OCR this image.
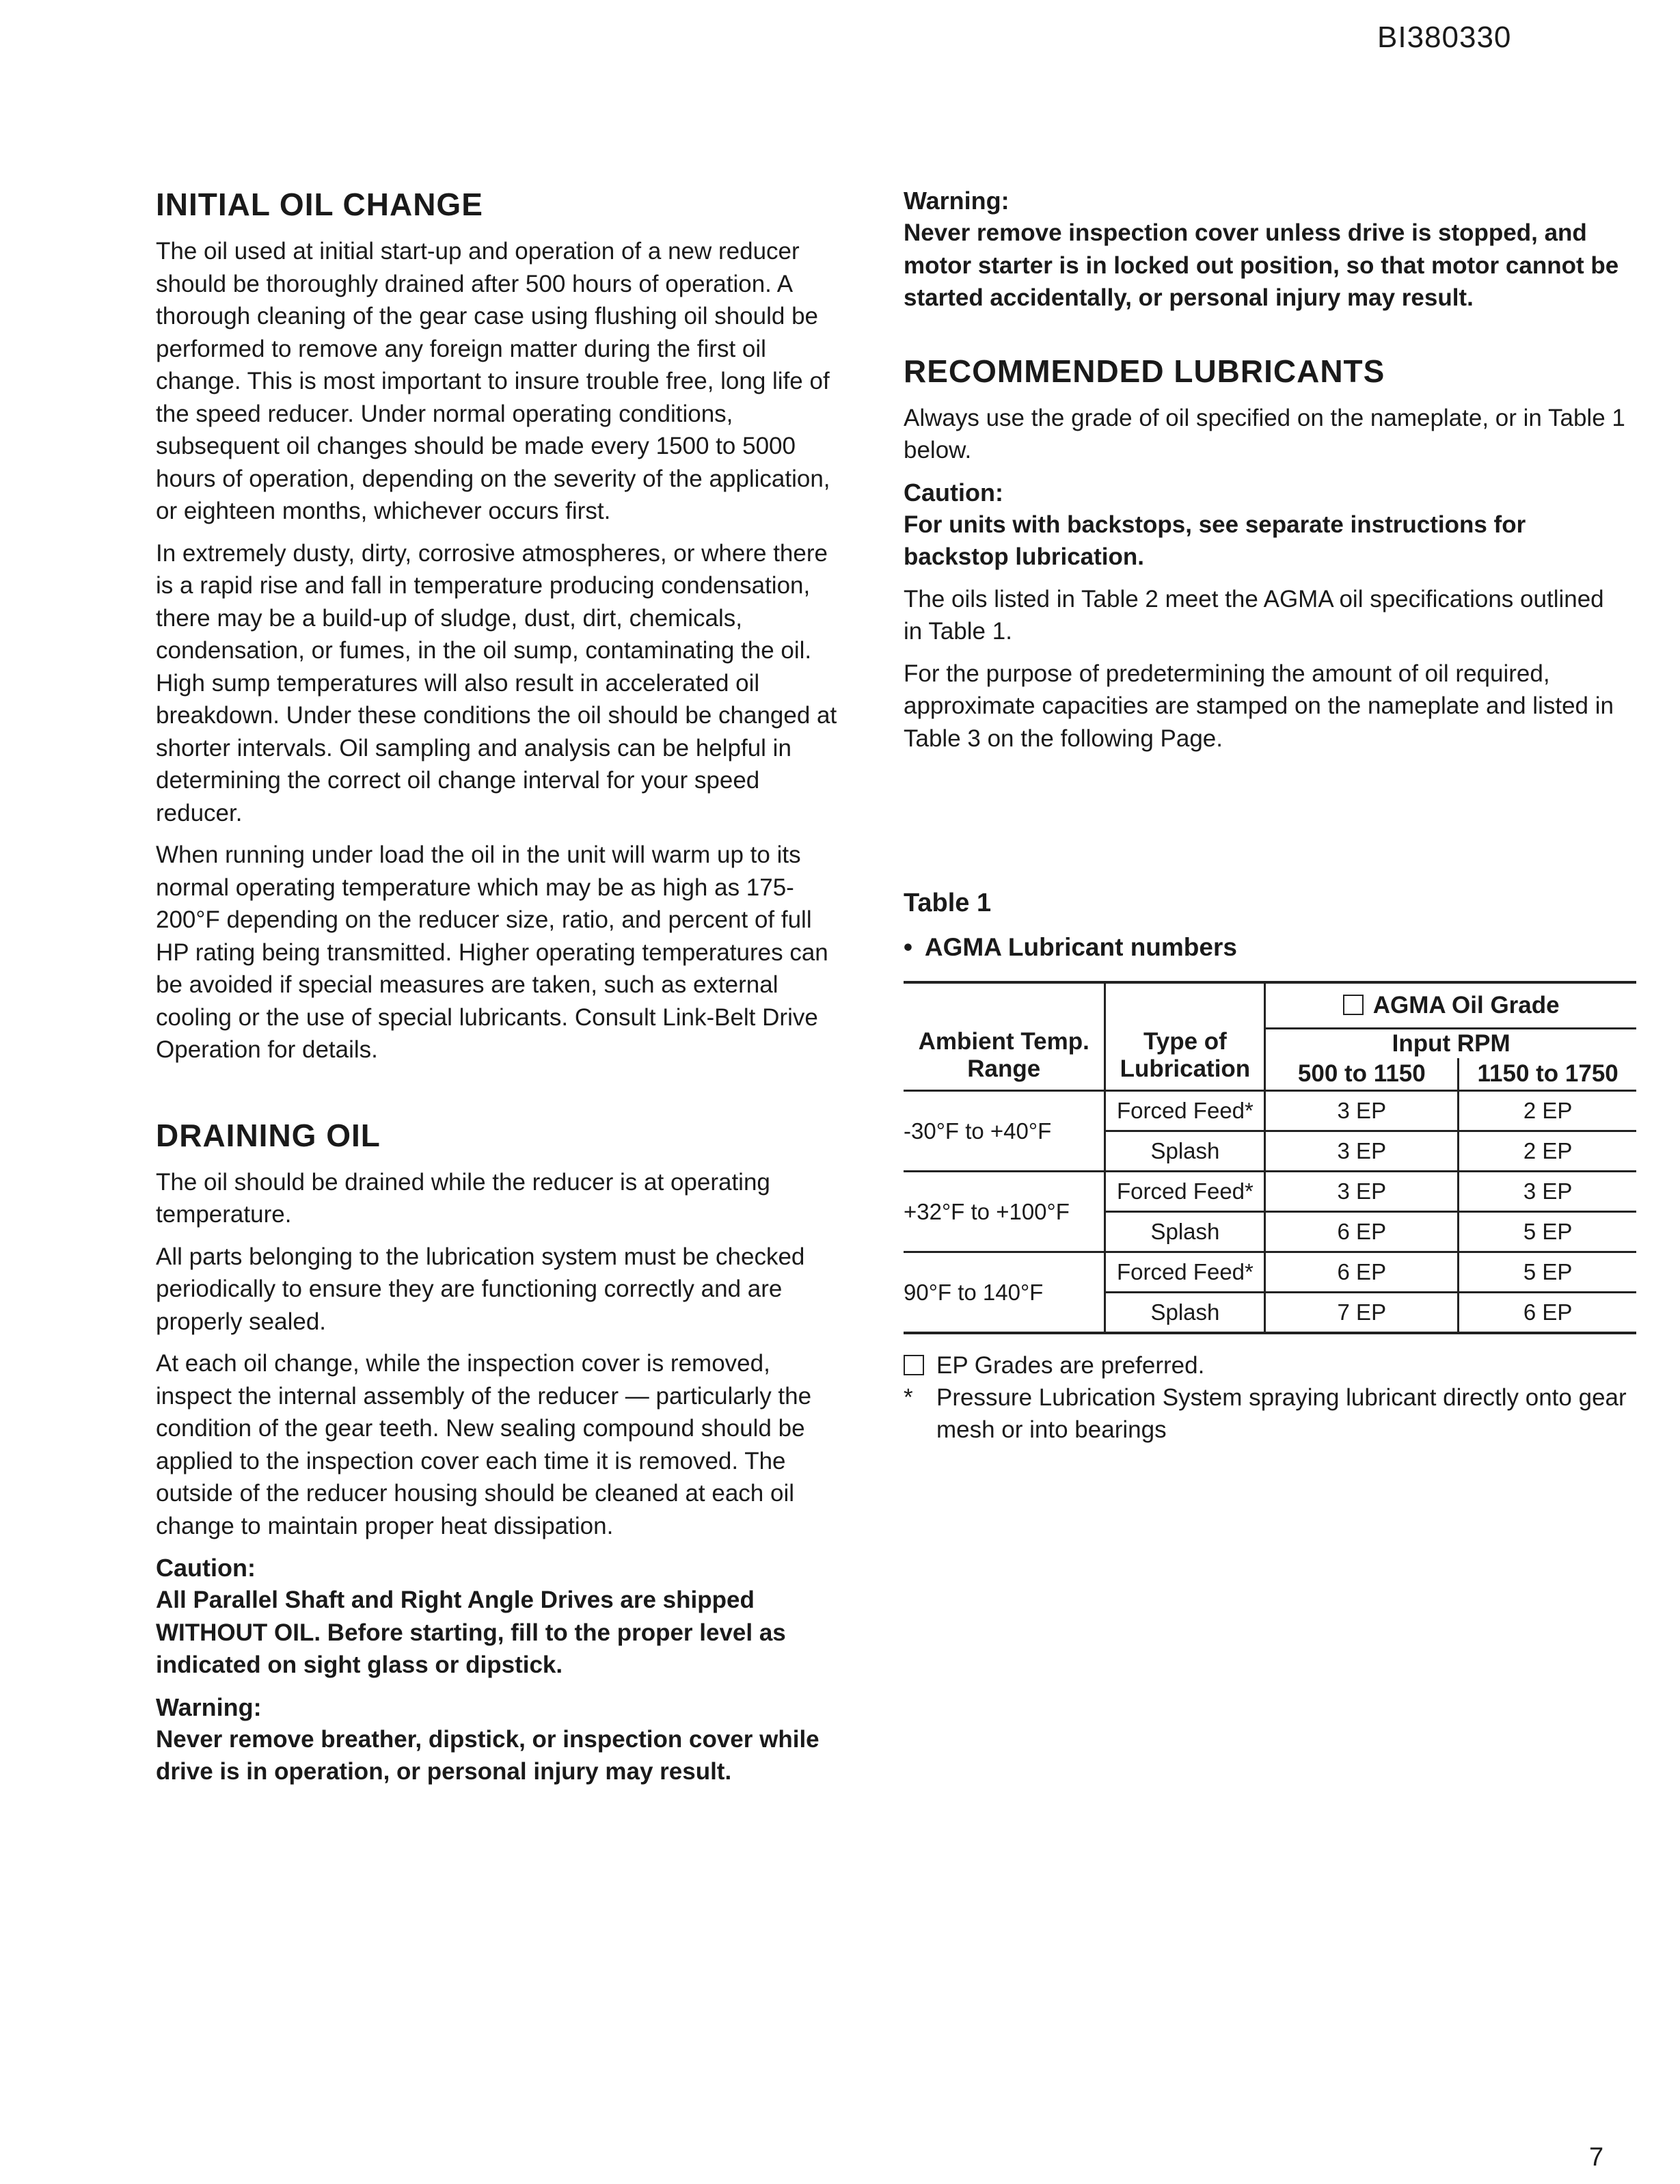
BI380330
INITIAL OIL CHANGE

The oil used at initial start-up and operation of a new reducer should be thoroughly drained after 500 hours of operation. A thorough cleaning of the gear case using flushing oil should be performed to remove any foreign matter during the first oil change. This is most important to insure trouble free, long life of the speed reducer. Under normal operating conditions, subsequent oil changes should be made every 1500 to 5000 hours of operation, depending on the severity of the application, or eighteen months, whichever occurs first.

In extremely dusty, dirty, corrosive atmospheres, or where there is a rapid rise and fall in temperature producing condensation, there may be a build-up of sludge, dust, dirt, chemicals, condensation, or fumes, in the oil sump, contaminating the oil. High sump temperatures will also result in accelerated oil breakdown. Under these conditions the oil should be changed at shorter intervals. Oil sampling and analysis can be helpful in determining the correct oil change interval for your speed reducer.

When running under load the oil in the unit will warm up to its normal operating temperature which may be as high as 175-200°F depending on the reducer size, ratio, and percent of full HP rating being transmitted. Higher operating temperatures can be avoided if special measures are taken, such as external cooling or the use of special lubricants. Consult Link-Belt Drive Operation for details.

DRAINING OIL

The oil should be drained while the reducer is at operating temperature.

All parts belonging to the lubrication system must be checked periodically to ensure they are functioning correctly and are properly sealed.

At each oil change, while the inspection cover is removed, inspect the internal assembly of the reducer — particularly the condition of the gear teeth. New sealing compound should be applied to the inspection cover each time it is removed. The outside of the reducer housing should be cleaned at each oil change to maintain proper heat dissipation.

Caution:
All Parallel Shaft and Right Angle Drives are shipped WITHOUT OIL. Before starting, fill to the proper level as indicated on sight glass or dipstick.
Warning:
Never remove breather, dipstick, or inspection cover while drive is in operation, or personal injury may result.
Warning:
Never remove inspection cover unless drive is stopped, and motor starter is in locked out position, so that motor cannot be started accidentally, or personal injury may result.
RECOMMENDED LUBRICANTS

Always use the grade of oil specified on the nameplate, or in Table 1 below.

Caution:
For units with backstops, see separate instructions for backstop lubrication.

The oils listed in Table 2 meet the AGMA oil specifications outlined in Table 1.

For the purpose of predetermining the amount of oil required, approximate capacities are stamped on the nameplate and listed in Table 3 on the following Page.

Table 1
• AGMA Lubricant numbers
Ambient Temp. Range	Type of Lubrication	AGMA Oil Grade	
		Input RPM	
		500 to 1150	1150 to 1750
-30°F to +40°F	Forced Feed*	3 EP	2 EP
	Splash	3 EP	2 EP
+32°F to +100°F	Forced Feed*	3 EP	3 EP
	Splash	6 EP	5 EP
90°F to 140°F	Forced Feed*	6 EP	5 EP
	Splash	7 EP	6 EP
EP Grades are preferred.
* Pressure Lubrication System spraying lubricant directly onto gear mesh or into bearings
7
